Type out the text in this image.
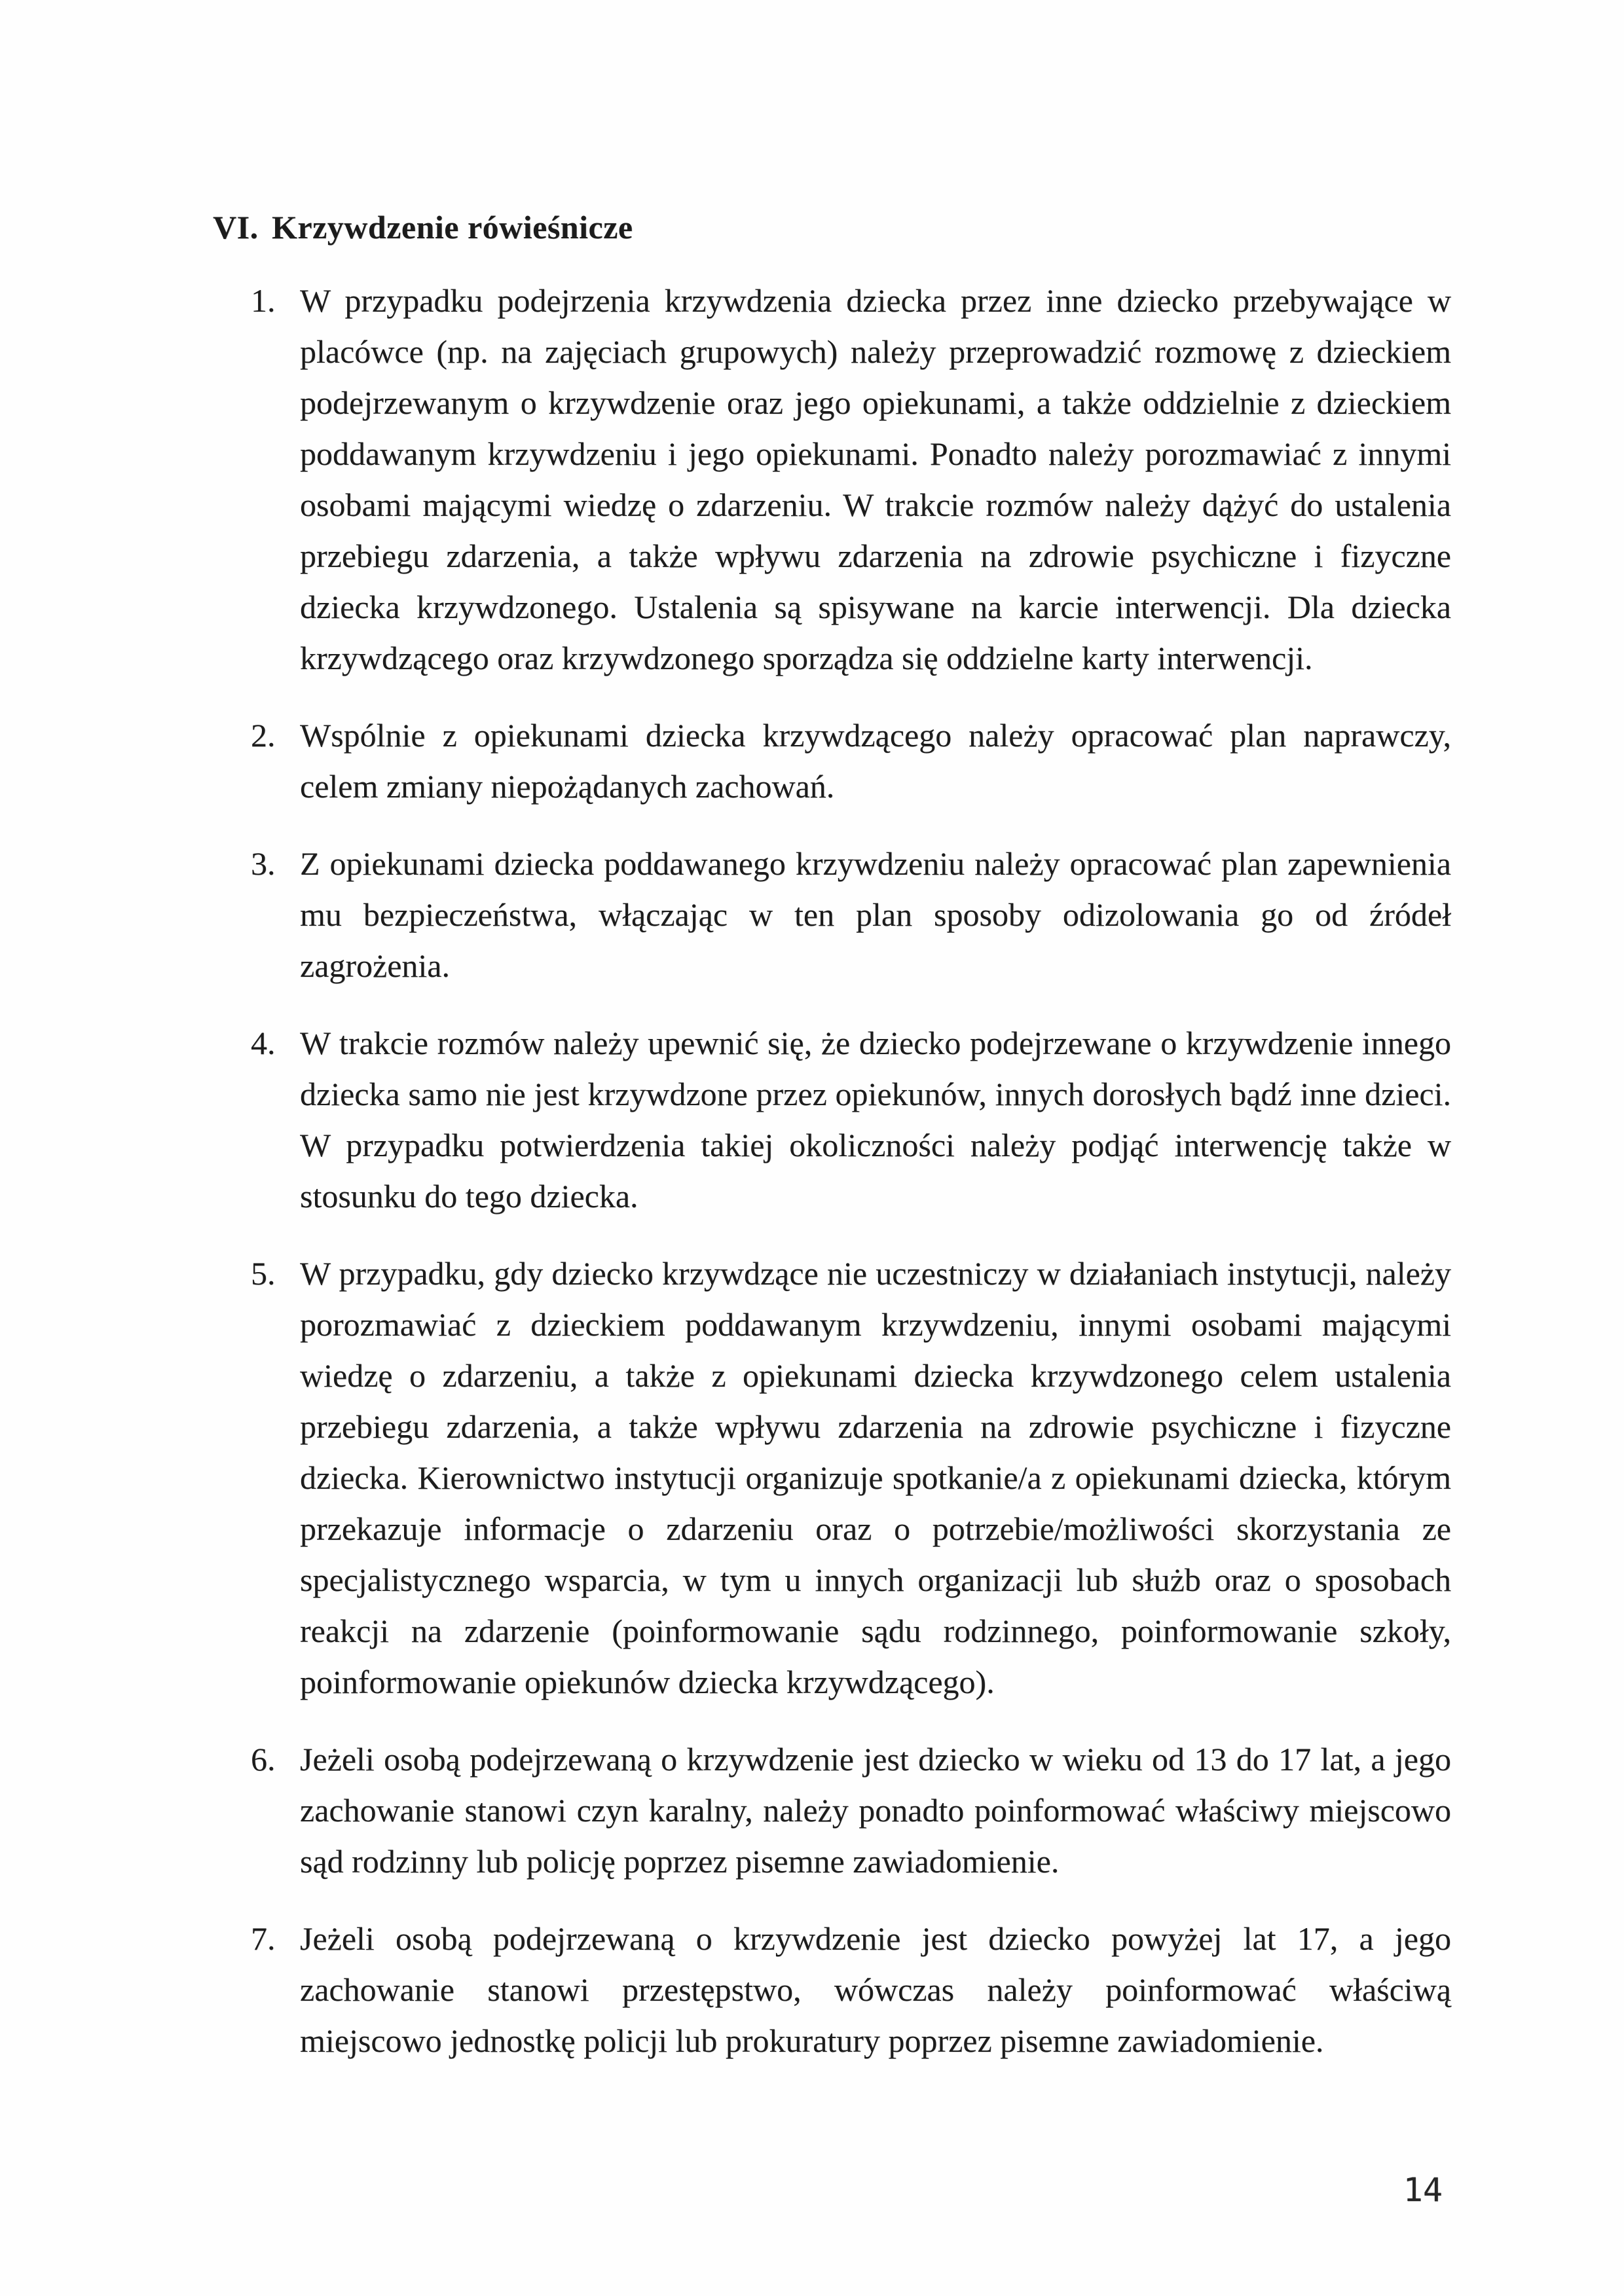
VI. Krzywdzenie rówieśnicze
1. W przypadku podejrzenia krzywdzenia dziecka przez inne dziecko przebywające w placówce (np. na zajęciach grupowych) należy przeprowadzić rozmowę z dzieckiem podejrzewanym o krzywdzenie oraz jego opiekunami, a także oddzielnie z dzieckiem poddawanym krzywdzeniu i jego opiekunami. Ponadto należy porozmawiać z innymi osobami mającymi wiedzę o zdarzeniu. W trakcie rozmów należy dążyć do ustalenia przebiegu zdarzenia, a także wpływu zdarzenia na zdrowie psychiczne i fizyczne dziecka krzywdzonego. Ustalenia są spisywane na karcie interwencji. Dla dziecka krzywdzącego oraz krzywdzonego sporządza się oddzielne karty interwencji.

2. Wspólnie z opiekunami dziecka krzywdzącego należy opracować plan naprawczy, celem zmiany niepożądanych zachowań.

3. Z opiekunami dziecka poddawanego krzywdzeniu należy opracować plan zapewnienia mu bezpieczeństwa, włączając w ten plan sposoby odizolowania go od źródeł zagrożenia.

4. W trakcie rozmów należy upewnić się, że dziecko podejrzewane o krzywdzenie innego dziecka samo nie jest krzywdzone przez opiekunów, innych dorosłych bądź inne dzieci. W przypadku potwierdzenia takiej okoliczności należy podjąć interwencję także w stosunku do tego dziecka.

5. W przypadku, gdy dziecko krzywdzące nie uczestniczy w działaniach instytucji, należy porozmawiać z dzieckiem poddawanym krzywdzeniu, innymi osobami mającymi wiedzę o zdarzeniu, a także z opiekunami dziecka krzywdzonego celem ustalenia przebiegu zdarzenia, a także wpływu zdarzenia na zdrowie psychiczne i fizyczne dziecka. Kierownictwo instytucji organizuje spotkanie/a z opiekunami dziecka, którym przekazuje informacje o zdarzeniu oraz o potrzebie/możliwości skorzystania ze specjalistycznego wsparcia, w tym u innych organizacji lub służb oraz o sposobach reakcji na zdarzenie (poinformowanie sądu rodzinnego, poinformowanie szkoły, poinformowanie opiekunów dziecka krzywdzącego).

6. Jeżeli osobą podejrzewaną o krzywdzenie jest dziecko w wieku od 13 do 17 lat, a jego zachowanie stanowi czyn karalny, należy ponadto poinformować właściwy miejscowo sąd rodzinny lub policję poprzez pisemne zawiadomienie.

7. Jeżeli osobą podejrzewaną o krzywdzenie jest dziecko powyżej lat 17, a jego zachowanie stanowi przestępstwo, wówczas należy poinformować właściwą miejscowo jednostkę policji lub prokuratury poprzez pisemne zawiadomienie.

14
